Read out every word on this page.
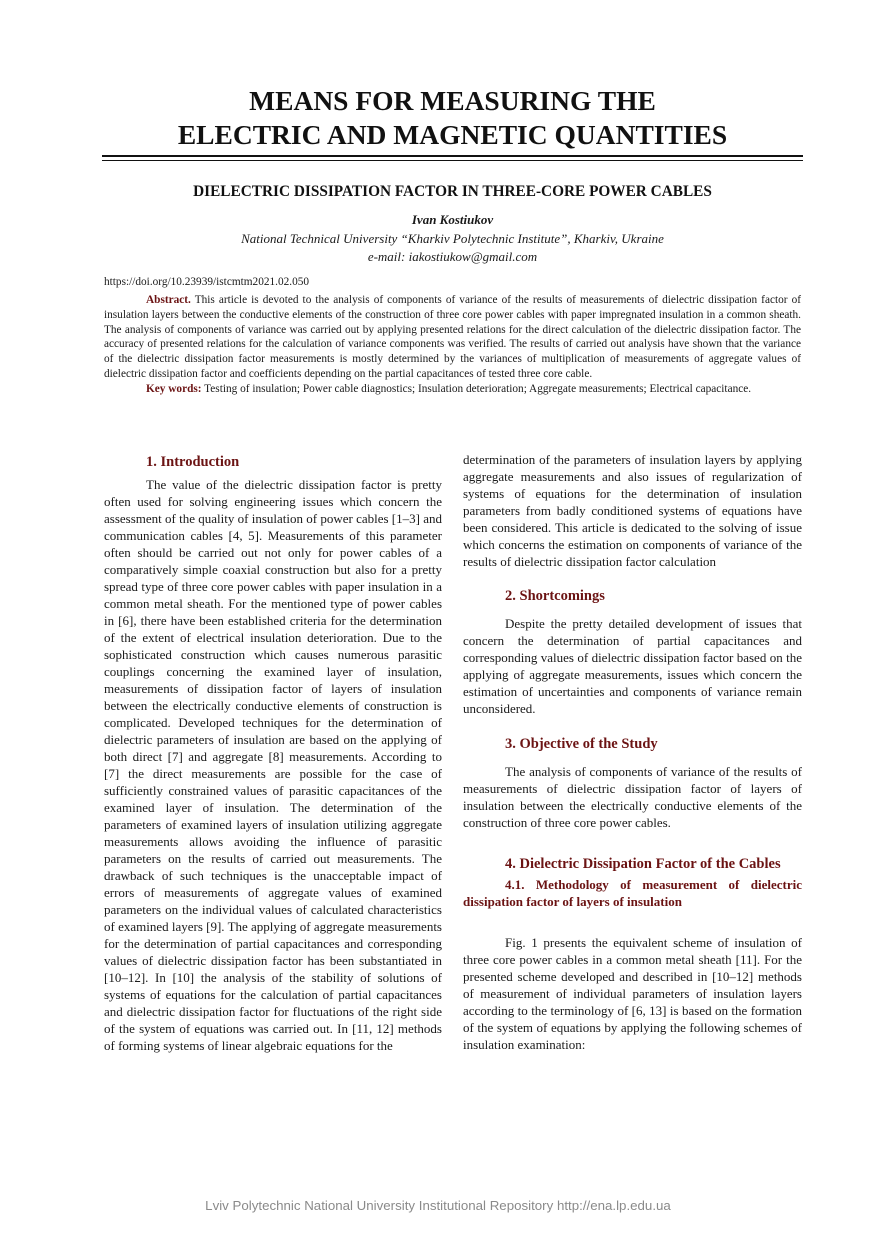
MEANS FOR MEASURING THE
ELECTRIC AND MAGNETIC QUANTITIES
DIELECTRIC DISSIPATION FACTOR IN THREE-CORE POWER CABLES
Ivan Kostiukov
National Technical University “Kharkiv Polytechnic Institute”, Kharkiv, Ukraine
e-mail: iakostiukow@gmail.com
https://doi.org/10.23939/istcmtm2021.02.050

Abstract. This article is devoted to the analysis of components of variance of the results of measurements of dielectric dissipation factor of insulation layers between the conductive elements of the construction of three core power cables with paper impregnated insulation in a common sheath. The analysis of components of variance was carried out by applying presented relations for the direct calculation of the dielectric dissipation factor. The accuracy of presented relations for the calculation of variance components was verified. The results of carried out analysis have shown that the variance of the dielectric dissipation factor measurements is mostly determined by the variances of multiplication of measurements of aggregate values of dielectric dissipation factor and coefficients depending on the partial capacitances of tested three core cable.

Key words: Testing of insulation; Power cable diagnostics; Insulation deterioration; Aggregate measurements; Electrical capacitance.

1. Introduction

The value of the dielectric dissipation factor is pretty often used for solving engineering issues which concern the assessment of the quality of insulation of power cables [1–3] and communication cables [4, 5]. Measurements of this parameter often should be carried out not only for power cables of a comparatively simple coaxial construction but also for a pretty spread type of three core power cables with paper insulation in a common metal sheath. For the mentioned type of power cables in [6], there have been established criteria for the determination of the extent of electrical insulation deterioration. Due to the sophisticated construction which causes numerous parasitic couplings concerning the examined layer of insulation, measurements of dissipation factor of layers of insulation between the electrically conductive elements of construction is complicated. Developed techniques for the determination of dielectric parameters of insulation are based on the applying of both direct [7] and aggregate [8] measurements. According to [7] the direct measurements are possible for the case of sufficiently constrained values of parasitic capacitances of the examined layer of insulation. The determination of the parameters of examined layers of insulation utilizing aggregate measurements allows avoiding the influence of parasitic parameters on the results of carried out measurements. The drawback of such techniques is the unacceptable impact of errors of measurements of aggregate values of examined parameters on the individual values of calculated characteristics of examined layers [9]. The applying of aggregate measurements for the determination of partial capacitances and corresponding values of dielectric dissipation factor has been substantiated in [10–12]. In [10] the analysis of the stability of solutions of systems of equations for the calculation of partial capacitances and dielectric dissipation factor for fluctuations of the right side of the system of equations was carried out. In [11, 12] methods of forming systems of linear algebraic equations for the

determination of the parameters of insulation layers by applying aggregate measurements and also issues of regularization of systems of equations for the determination of insulation parameters from badly conditioned systems of equations have been considered. This article is dedicated to the solving of issue which concerns the estimation on components of variance of the results of dielectric dissipation factor calculation

2. Shortcomings

Despite the pretty detailed development of issues that concern the determination of partial capacitances and corresponding values of dielectric dissipation factor based on the applying of aggregate measurements, issues which concern the estimation of uncertainties and components of variance remain unconsidered.

3. Objective of the Study

The analysis of components of variance of the results of measurements of dielectric dissipation factor of layers of insulation between the electrically conductive elements of the construction of three core power cables.

4. Dielectric Dissipation Factor of the Cables
4.1. Methodology of measurement of dielectric dissipation factor of layers of insulation

Fig. 1 presents the equivalent scheme of insulation of three core power cables in a common metal sheath [11]. For the presented scheme developed and described in [10–12] methods of measurement of individual parameters of insulation layers according to the terminology of [6, 13] is based on the formation of the system of equations by applying the following schemes of insulation examination:

Lviv Polytechnic National University Institutional Repository http://ena.lp.edu.ua
